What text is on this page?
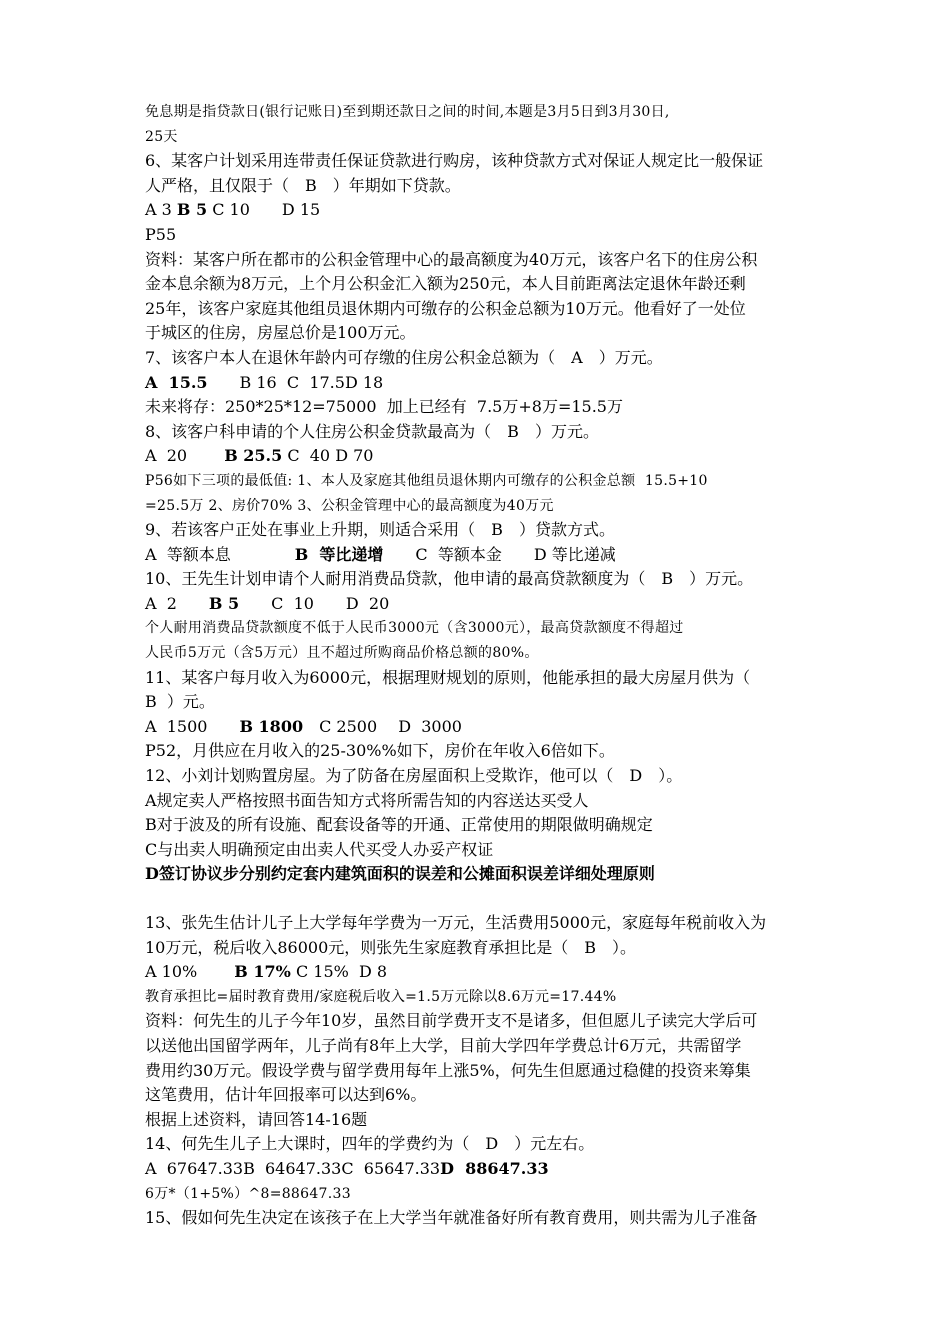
免息期是指贷款日(银行记账日)至到期还款日之间的时间,本题是3月5日到3月30日,

25天

6、某客户计划采用连带责任保证贷款进行购房，该种贷款方式对保证人规定比一般保证

人严格，且仅限于（　B　）年期如下贷款。

A 3 B 5 C 10　　D 15

P55

资料：某客户所在都市的公积金管理中心的最高额度为40万元，该客户名下的住房公积

金本息余额为8万元，上个月公积金汇入额为250元，本人目前距离法定退休年龄还剩

25年，该客户家庭其他组员退休期内可缴存的公积金总额为10万元。他看好了一处位

于城区的住房，房屋总价是100万元。

7、该客户本人在退休年龄内可存缴的住房公积金总额为（　A　）万元。

A  15.5　　B 16  C  17.5D 18

未来将存：250*25*12=75000  加上已经有  7.5万+8万=15.5万

8、该客户科申请的个人住房公积金贷款最高为（　B　）万元。

A  20　　 B 25.5 C  40 D 70

P56如下三项的最低值: 1、本人及家庭其他组员退休期内可缴存的公积金总额  15.5+10

=25.5万 2、房价70% 3、公积金管理中心的最高额度为40万元

9、若该客户正处在事业上升期，则适合采用（　B　）贷款方式。

A  等额本息　　　　B  等比递增　　C  等额本金　　D 等比递减

10、王先生计划申请个人耐用消费品贷款，他申请的最高贷款额度为（　B　）万元。

A  2　　B 5　　C  10　　D  20

个人耐用消费品贷款额度不低于人民币3000元（含3000元），最高贷款额度不得超过

人民币5万元（含5万元）且不超过所购商品价格总额的80%。

11、某客户每月收入为6000元，根据理财规划的原则，他能承担的最大房屋月供为（

B  ）元。

A  1500　　B 1800　C 2500　 D  3000

P52，月供应在月收入的25-30%%如下，房价在年收入6倍如下。

12、小刘计划购置房屋。为了防备在房屋面积上受欺诈，他可以（　D　）。

A规定卖人严格按照书面告知方式将所需告知的内容送达买受人

B对于波及的所有设施、配套设备等的开通、正常使用的期限做明确规定

C与出卖人明确预定由出卖人代买受人办妥产权证

D签订协议步分别约定套内建筑面积的误差和公摊面积误差详细处理原则

13、张先生估计儿子上大学每年学费为一万元，生活费用5000元，家庭每年税前收入为

10万元，税后收入86000元，则张先生家庭教育承担比是（　B　）。

A 10%　　 B 17% C 15%  D 8

教育承担比=届时教育费用/家庭税后收入=1.5万元除以8.6万元=17.44%

资料：何先生的儿子今年10岁，虽然目前学费开支不是诸多，但但愿儿子读完大学后可

以送他出国留学两年，儿子尚有8年上大学，目前大学四年学费总计6万元，共需留学

费用约30万元。假设学费与留学费用每年上涨5%，何先生但愿通过稳健的投资来筹集

这笔费用，估计年回报率可以达到6%。

根据上述资料，请回答14-16题

14、何先生儿子上大课时，四年的学费约为（　D　）元左右。

A  67647.33B  64647.33C  65647.33D  88647.33

6万*（1+5%）^8=88647.33

15、假如何先生决定在该孩子在上大学当年就准备好所有教育费用，则共需为儿子准备
